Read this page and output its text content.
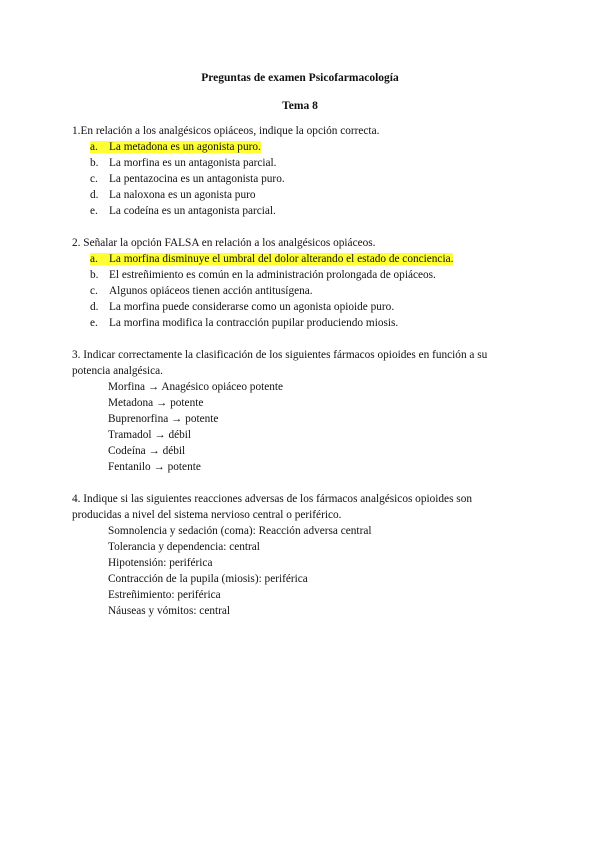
Preguntas de examen Psicofarmacología
Tema 8
1.En relación a los analgésicos opiáceos, indique la opción correcta.
a. La metadona es un agonista puro.
b. La morfina es un antagonista parcial.
c. La pentazocina es un antagonista puro.
d. La naloxona es un agonista puro
e. La codeína es un antagonista parcial.
2. Señalar la opción FALSA en relación a los analgésicos opiáceos.
a. La morfina disminuye el umbral del dolor alterando el estado de conciencia.
b. El estreñimiento es común en la administración prolongada de opiáceos.
c. Algunos opiáceos tienen acción antitusígena.
d. La morfina puede considerarse como un agonista opioide puro.
e. La morfina modifica la contracción pupilar produciendo miosis.
3. Indicar correctamente la clasificación de los siguientes fármacos opioides en función a su
potencia analgésica.
Morfina → Anagésico opiáceo potente
Metadona → potente
Buprenorfina → potente
Tramadol → débil
Codeína → débil
Fentanilo → potente
4. Indique si las siguientes reacciones adversas de los fármacos analgésicos opioides son
producidas a nivel del sistema nervioso central o periférico.
Somnolencia y sedación (coma): Reacción adversa central
Tolerancia y dependencia: central
Hipotensión: periférica
Contracción de la pupila (miosis): periférica
Estreñimiento: periférica
Náuseas y vómitos: central
